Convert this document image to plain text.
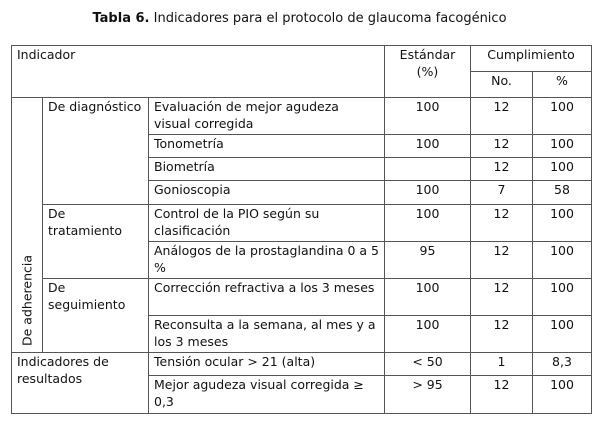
Tabla 6. Indicadores para el protocolo de glaucoma facogénico
Indicador			Estándar (%)	Cumplimiento	
				No.	%

De adherencia	De diagnóstico	Evaluación de mejor agudeza visual corregida	100	12	100
		Tonometría	100	12	100
		Biometría		12	100
		Gonioscopia	100	7	58
	De tratamiento	Control de la PIO según su clasificación	100	12	100
		Análogos de la prostaglandina 0 a 5 %	95	12	100
	De seguimiento	Corrección refractiva a los 3 meses	100	12	100
		Reconsulta a la semana, al mes y a los 3 meses	100	12	100
Indicadores de resultados		Tensión ocular > 21 (alta)	< 50	1	8,3
		Mejor agudeza visual corregida ≥ 0,3	> 95	12	100
